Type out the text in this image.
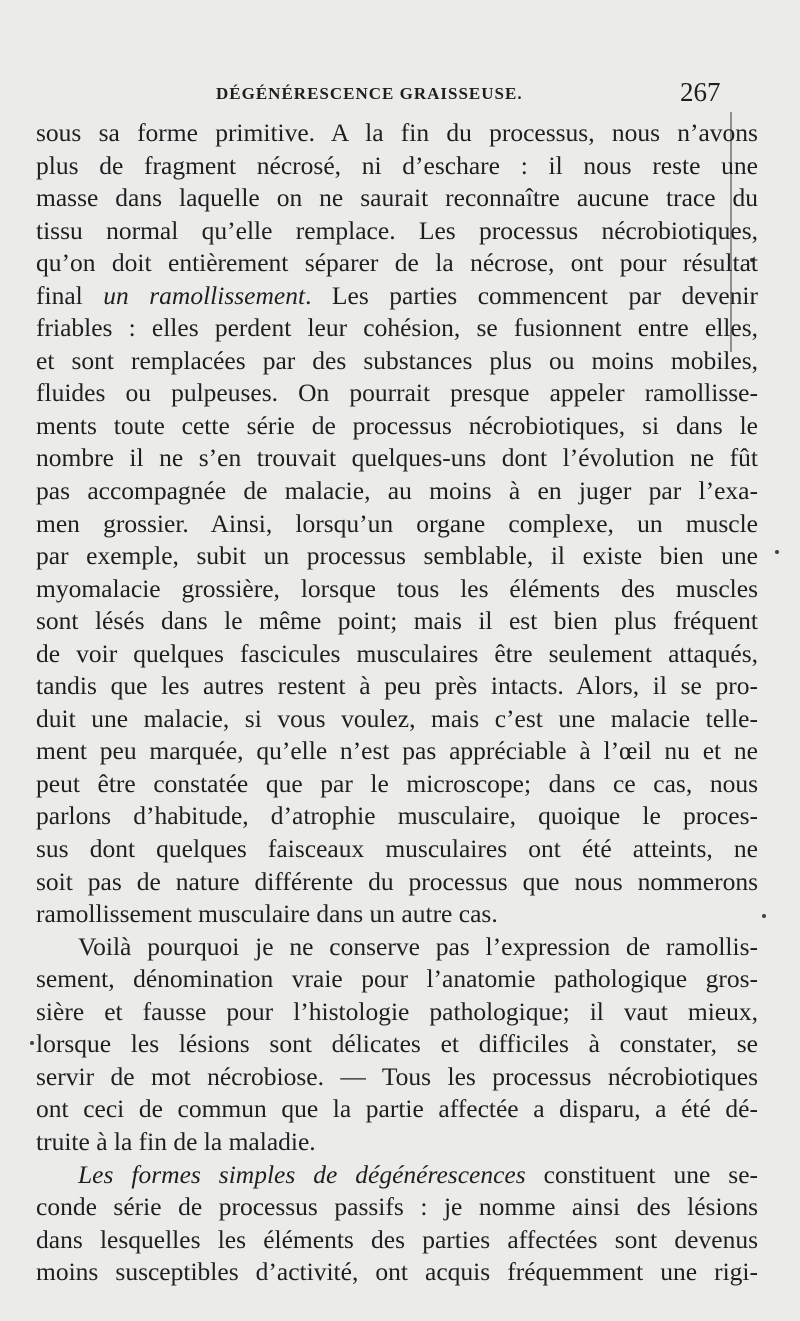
DÉGÉNÉRESCENCE GRAISSEUSE.	267
sous sa forme primitive. A la fin du processus, nous n’avons
plus de fragment nécrosé, ni d’eschare : il nous reste une
masse dans laquelle on ne saurait reconnaître aucune trace du
tissu normal qu’elle remplace. Les processus nécrobiotiques,
qu’on doit entièrement séparer de la nécrose, ont pour résultat
final un ramollissement. Les parties commencent par devenir
friables : elles perdent leur cohésion, se fusionnent entre elles,
et sont remplacées par des substances plus ou moins mobiles,
fluides ou pulpeuses. On pourrait presque appeler ramollisse-
ments toute cette série de processus nécrobiotiques, si dans le
nombre il ne s’en trouvait quelques-uns dont l’évolution ne fût
pas accompagnée de malacie, au moins à en juger par l’exa-
men grossier. Ainsi, lorsqu’un organe complexe, un muscle
par exemple, subit un processus semblable, il existe bien une
myomalacie grossière, lorsque tous les éléments des muscles
sont lésés dans le même point; mais il est bien plus fréquent
de voir quelques fascicules musculaires être seulement attaqués,
tandis que les autres restent à peu près intacts. Alors, il se pro-
duit une malacie, si vous voulez, mais c’est une malacie telle-
ment peu marquée, qu’elle n’est pas appréciable à l’œil nu et ne
peut être constatée que par le microscope; dans ce cas, nous
parlons d’habitude, d’atrophie musculaire, quoique le proces-
sus dont quelques faisceaux musculaires ont été atteints, ne
soit pas de nature différente du processus que nous nommerons
ramollissement musculaire dans un autre cas.
Voilà pourquoi je ne conserve pas l’expression de ramollis-
sement, dénomination vraie pour l’anatomie pathologique gros-
sière et fausse pour l’histologie pathologique; il vaut mieux,
lorsque les lésions sont délicates et difficiles à constater, se
servir de mot nécrobiose. — Tous les processus nécrobiotiques
ont ceci de commun que la partie affectée a disparu, a été dé-
truite à la fin de la maladie.
Les formes simples de dégénérescences constituent une se-
conde série de processus passifs : je nomme ainsi des lésions
dans lesquelles les éléments des parties affectées sont devenus
moins susceptibles d’activité, ont acquis fréquemment une rigi-
